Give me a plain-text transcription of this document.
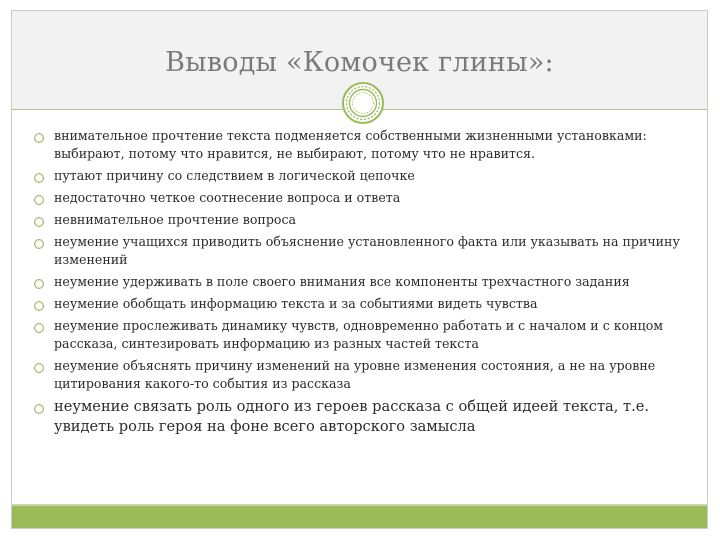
Выводы «Комочек глины»:
внимательное прочтение текста подменяется собственными жизненными установками: выбирают, потому что нравится, не выбирают, потому что не нравится.
путают причину со следствием в логической цепочке
недостаточно четкое соотнесение вопроса и ответа
невнимательное прочтение вопроса
неумение учащихся приводить объяснение установленного факта или указывать на причину изменений
неумение удерживать в поле своего внимания все компоненты трехчастного задания
неумение обобщать информацию текста и за событиями видеть чувства
неумение прослеживать динамику чувств, одновременно работать и с началом и с концом рассказа, синтезировать информацию из разных частей текста
неумение объяснять причину изменений на уровне изменения состояния, а не на уровне цитирования какого-то события из рассказа
неумение связать роль одного из героев рассказа с общей идеей текста, т.е. увидеть роль героя на фоне всего авторского замысла
